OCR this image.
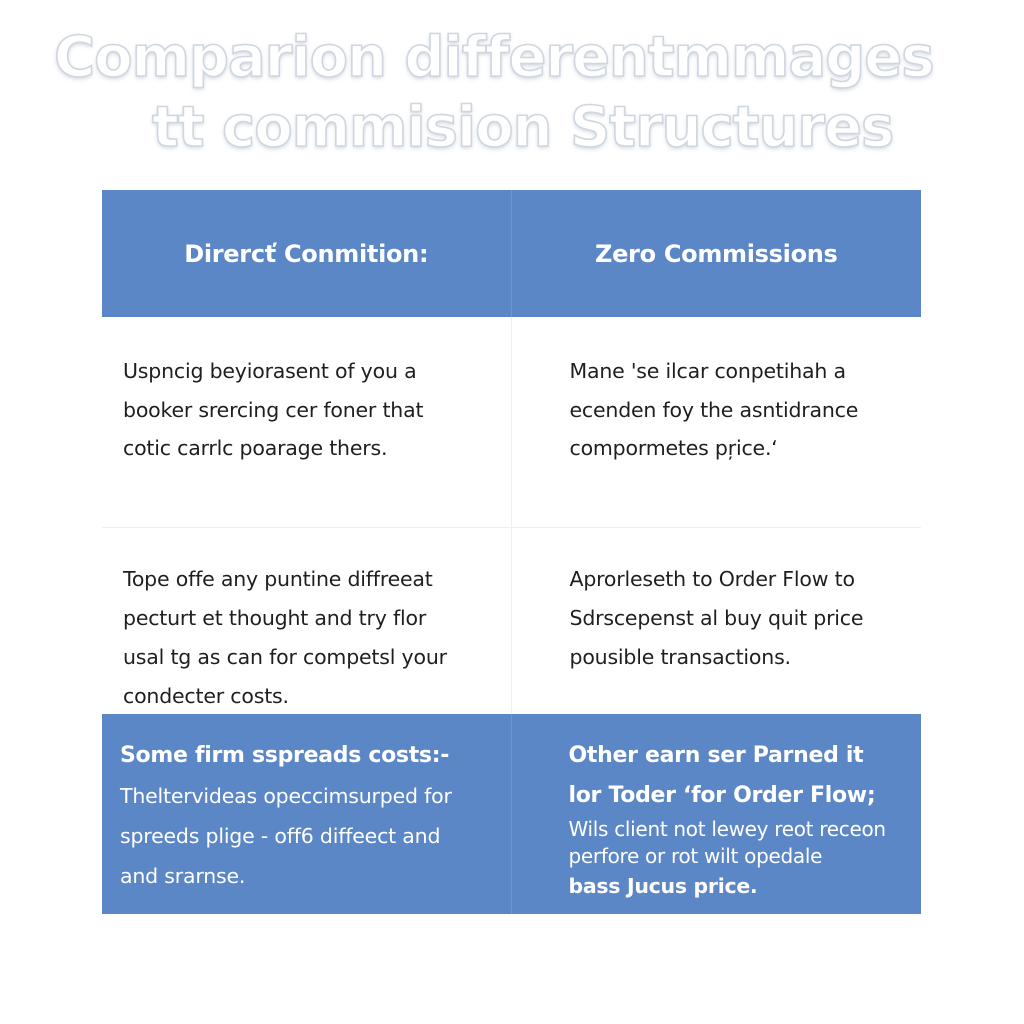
Comparion differentmmages
tt commision Structures
Dirercť Conmition:	Zero Commissions
Uspncig beyiorasent of you a
booker srercing cer foner that
cotic carrlc poarage thers.
Mane 'se ilcar conpetihah a
ecenden foy the asntidrance
compormetes pŗice.ʻ
Tope offe any puntine diffreeat
pecturt et thought and try flor
usal tg as can for competsl your
condecter costs.
Aprorleseth to Order Flow to
Sdrscepenst al buy quit price
pousible transactions.
Some firm sspreads costs:-
Theltervideas opeccimsurped for
spreeds plige - off6 diffeect and
and srarnse.
Other earn ser Parned it
lor Toder ‘for Order Flow;
Wils client not lewey reot receon
perfore or rot wilt opedale
bass Jucus price.
